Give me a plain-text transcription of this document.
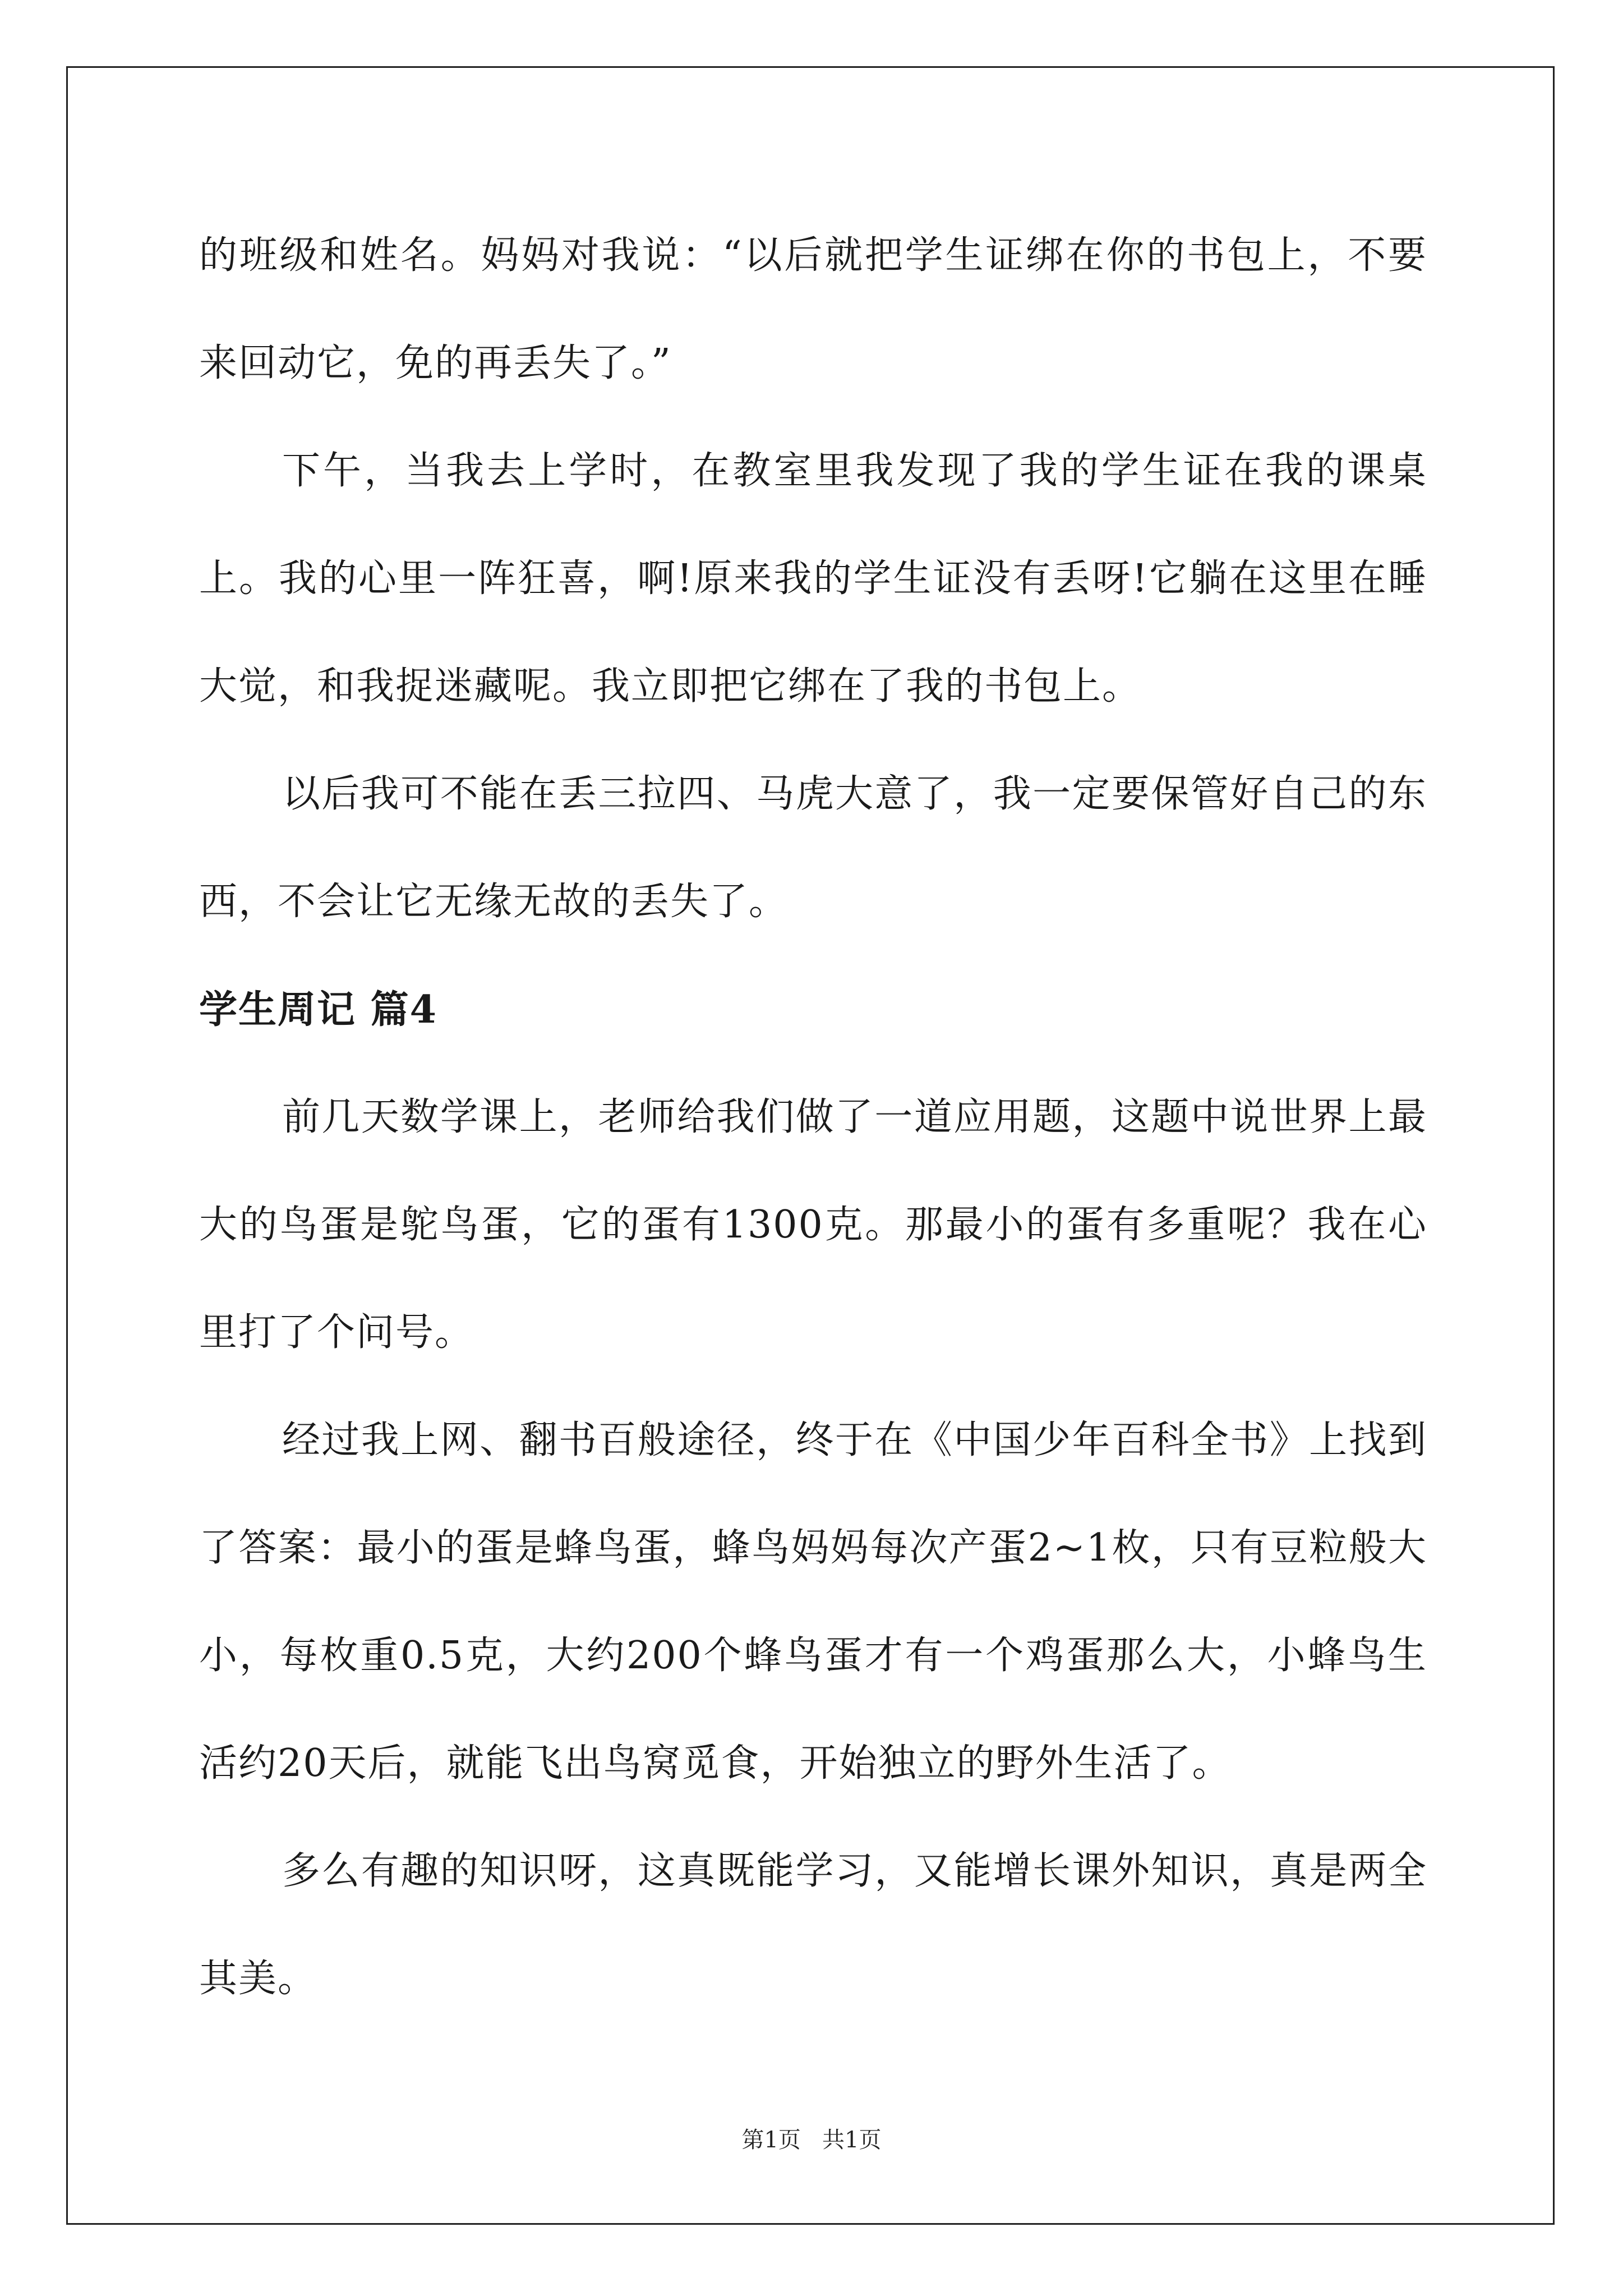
的班级和姓名。妈妈对我说：“以后就把学生证绑在你的书包上，不要来回动它，免的再丢失了。”

下午，当我去上学时，在教室里我发现了我的学生证在我的课桌上。我的心里一阵狂喜，啊!原来我的学生证没有丢呀!它躺在这里在睡大觉，和我捉迷藏呢。我立即把它绑在了我的书包上。

以后我可不能在丢三拉四、马虎大意了，我一定要保管好自己的东西，不会让它无缘无故的丢失了。

学生周记 篇4

前几天数学课上，老师给我们做了一道应用题，这题中说世界上最大的鸟蛋是鸵鸟蛋，它的蛋有1300克。那最小的蛋有多重呢？我在心里打了个问号。

经过我上网、翻书百般途径，终于在《中国少年百科全书》上找到了答案：最小的蛋是蜂鸟蛋，蜂鸟妈妈每次产蛋2~1枚，只有豆粒般大小，每枚重0.5克，大约200个蜂鸟蛋才有一个鸡蛋那么大，小蜂鸟生活约20天后，就能飞出鸟窝觅食，开始独立的野外生活了。

多么有趣的知识呀，这真既能学习，又能增长课外知识，真是两全其美。

第1页   共1页
